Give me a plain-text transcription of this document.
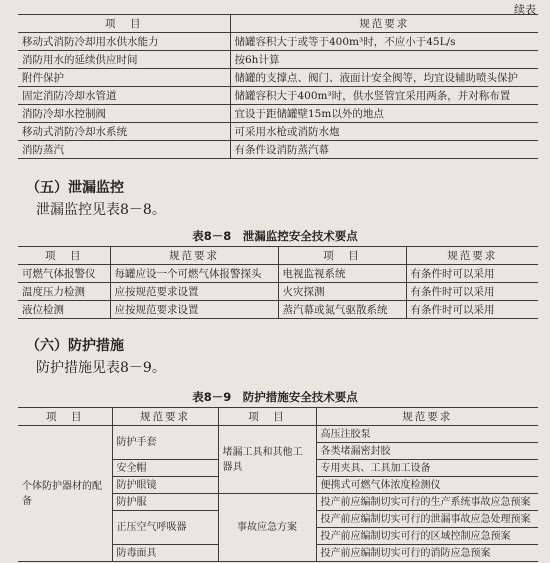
续表
项　目	规范要求
移动式消防冷却用水供水能力	储罐容积大于或等于400m³时，不应小于45L/s
消防用水的延续供应时间	按6h计算
附件保护	储罐的支撑点、阀门、液面计安全阀等，均宜设辅助喷头保护
固定消防冷却水管道	储罐容积大于400m³时，供水竖管宜采用两条，并对称布置
消防冷却水控制阀	宜设于距储罐壁15m以外的地点
移动式消防冷却水系统	可采用水枪或消防水炮
消防蒸汽	有条件设消防蒸汽幕
（五）泄漏监控
泄漏监控见表8－8。
表8－8　泄漏监控安全技术要点
项　目	规范要求	项　目	规范要求
可燃气体报警仪	每罐应设一个可燃气体报警探头	电视监视系统	有条件时可以采用
温度压力检测	应按规范要求设置	火灾探测	有条件时可以采用
液位检测	应按规范要求设置	蒸汽幕或氮气驱散系统	有条件时可以采用
（六）防护措施
防护措施见表8－9。
表8－9　防护措施安全技术要点
项　目	规范要求	项　目	规范要求
个体防护器材的配备	防护手套	堵漏工具和其他工器具	高压注胶泵
			各类堵漏密封胶
	安全帽		专用夹具、工具加工设备
	防护眼镜		便携式可燃气体浓度检测仪
	防护服	事故应急方案	投产前应编制切实可行的生产系统事故应急预案
	正压空气呼吸器		投产前应编制切实可行的泄漏事故应急处理预案
			投产前应编制切实可行的区域控制应急预案
	防毒面具		投产前应编制切实可行的消防应急预案
